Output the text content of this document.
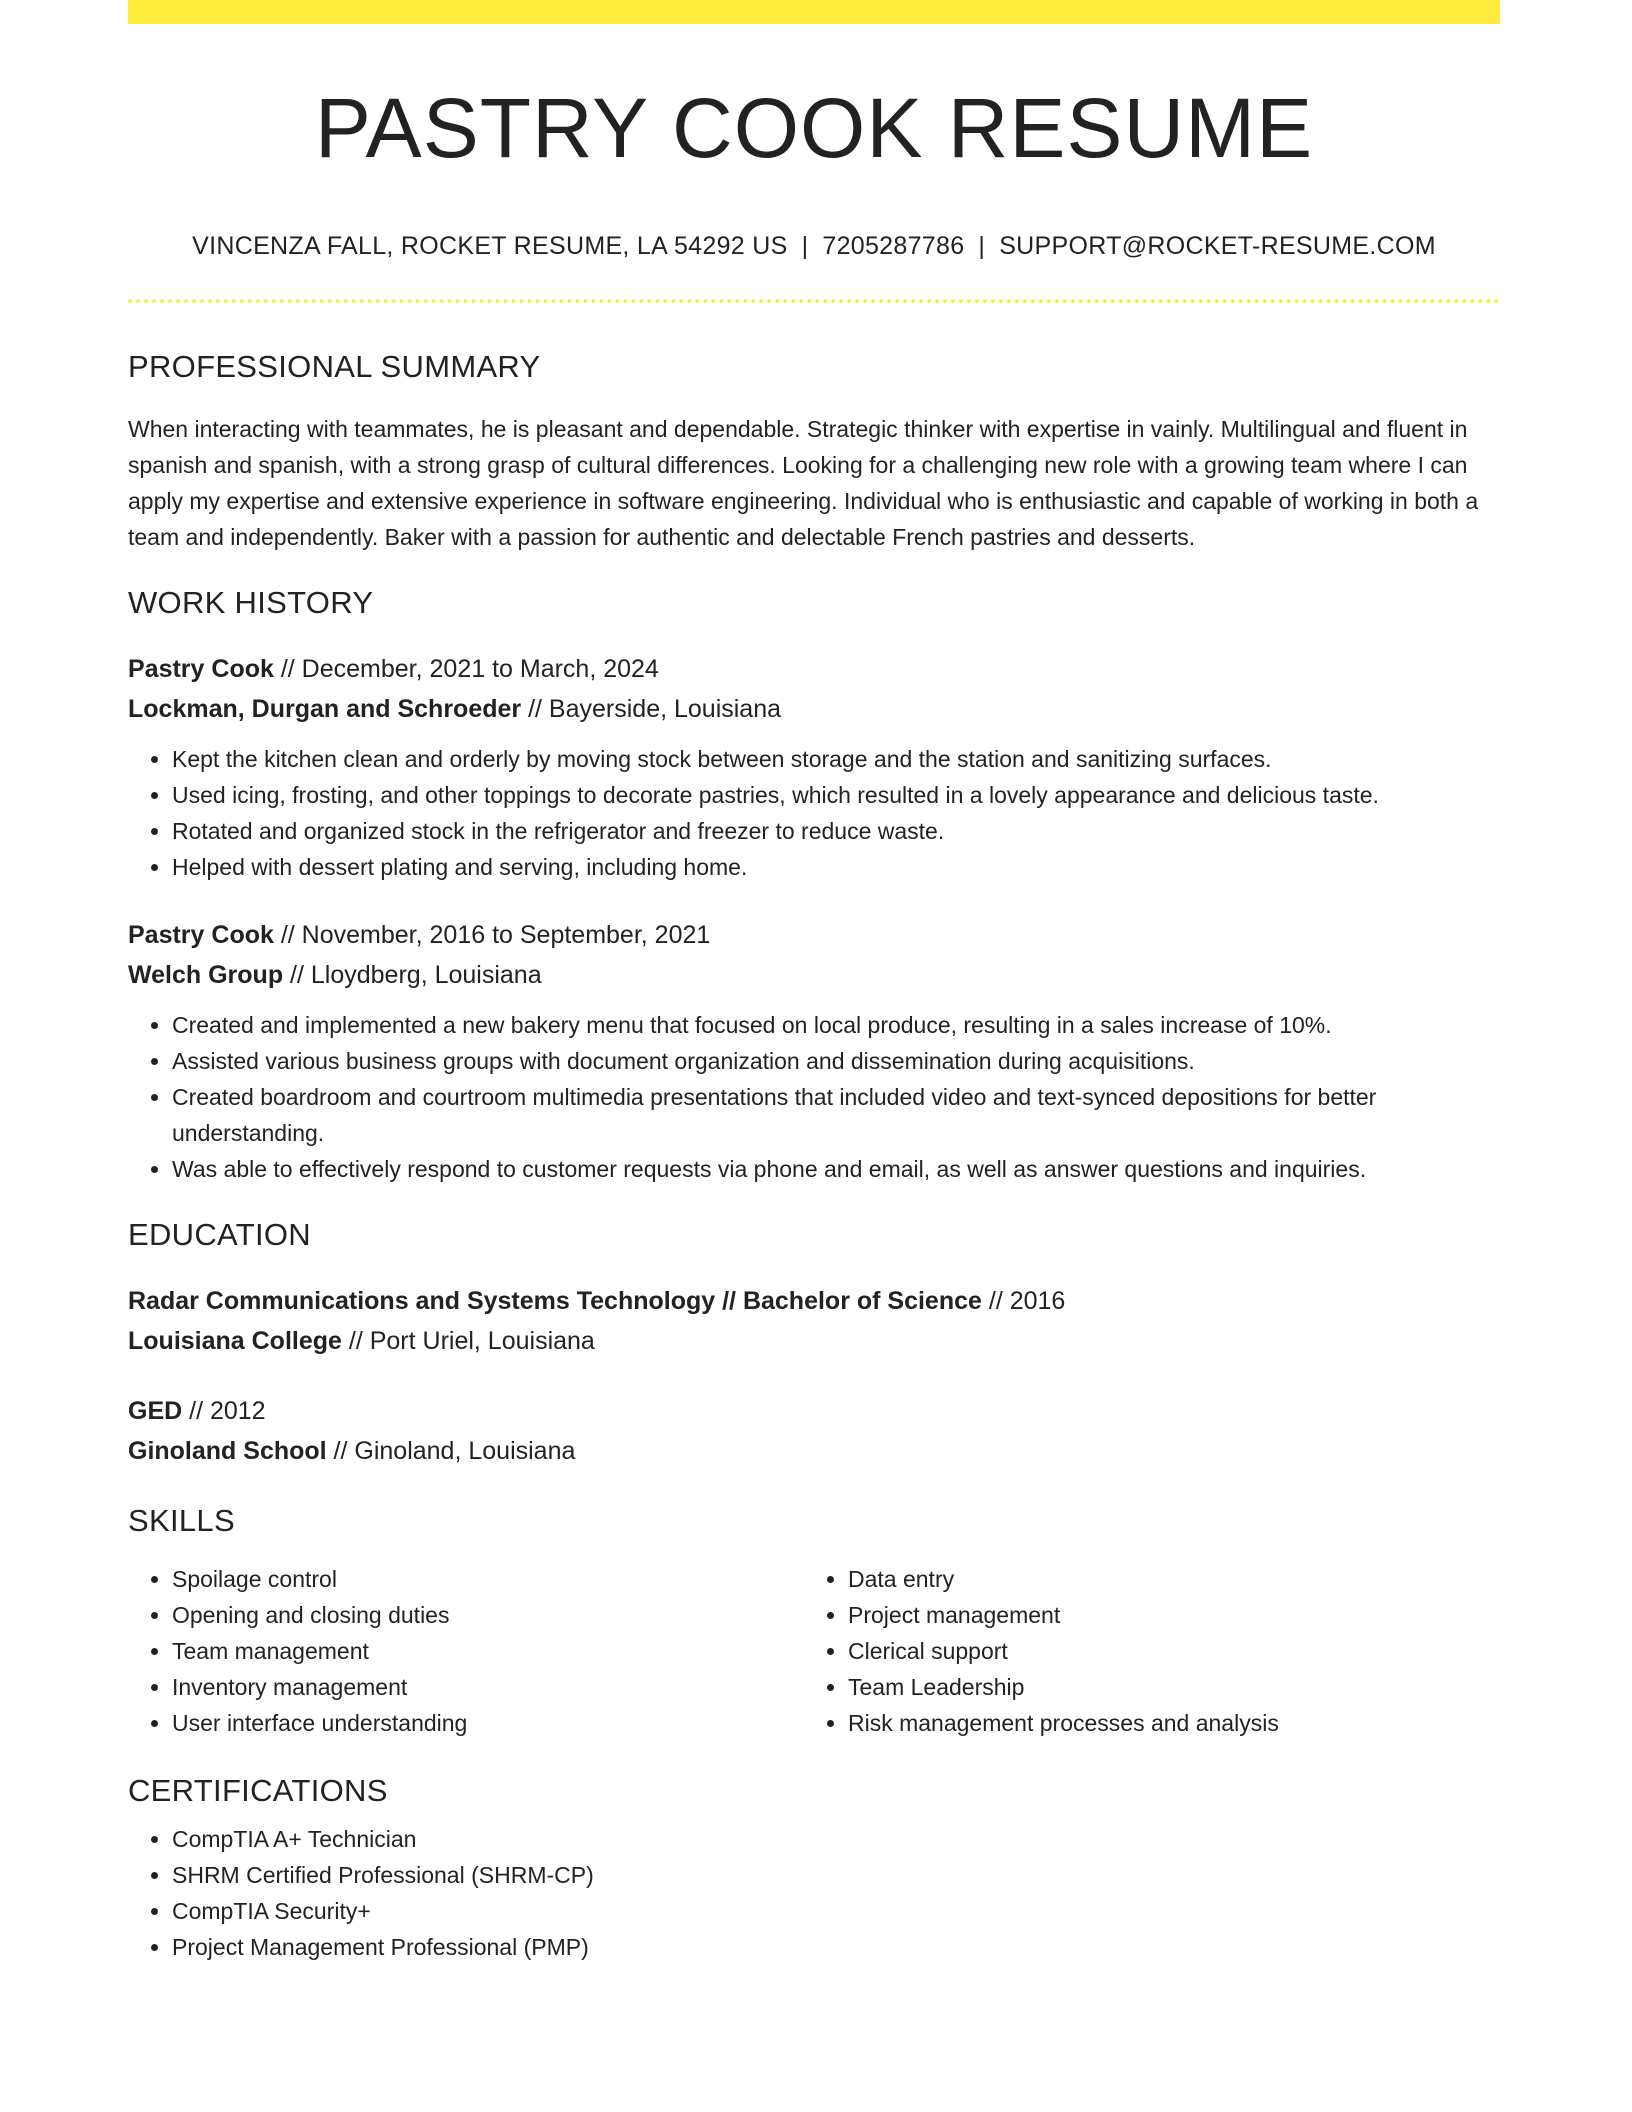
PASTRY COOK RESUME
VINCENZA FALL, ROCKET RESUME, LA 54292 US | 7205287786 | SUPPORT@ROCKET-RESUME.COM
PROFESSIONAL SUMMARY
When interacting with teammates, he is pleasant and dependable. Strategic thinker with expertise in vainly. Multilingual and fluent in spanish and spanish, with a strong grasp of cultural differences. Looking for a challenging new role with a growing team where I can apply my expertise and extensive experience in software engineering. Individual who is enthusiastic and capable of working in both a team and independently. Baker with a passion for authentic and delectable French pastries and desserts.
WORK HISTORY
Pastry Cook // December, 2021 to March, 2024
Lockman, Durgan and Schroeder // Bayerside, Louisiana
• Kept the kitchen clean and orderly by moving stock between storage and the station and sanitizing surfaces.
• Used icing, frosting, and other toppings to decorate pastries, which resulted in a lovely appearance and delicious taste.
• Rotated and organized stock in the refrigerator and freezer to reduce waste.
• Helped with dessert plating and serving, including home.
Pastry Cook // November, 2016 to September, 2021
Welch Group // Lloydberg, Louisiana
• Created and implemented a new bakery menu that focused on local produce, resulting in a sales increase of 10%.
• Assisted various business groups with document organization and dissemination during acquisitions.
• Created boardroom and courtroom multimedia presentations that included video and text-synced depositions for better understanding.
• Was able to effectively respond to customer requests via phone and email, as well as answer questions and inquiries.
EDUCATION
Radar Communications and Systems Technology // Bachelor of Science // 2016
Louisiana College // Port Uriel, Louisiana
GED // 2012
Ginoland School // Ginoland, Louisiana
SKILLS
• Spoilage control
• Opening and closing duties
• Team management
• Inventory management
• User interface understanding
• Data entry
• Project management
• Clerical support
• Team Leadership
• Risk management processes and analysis
CERTIFICATIONS
• CompTIA A+ Technician
• SHRM Certified Professional (SHRM-CP)
• CompTIA Security+
• Project Management Professional (PMP)
